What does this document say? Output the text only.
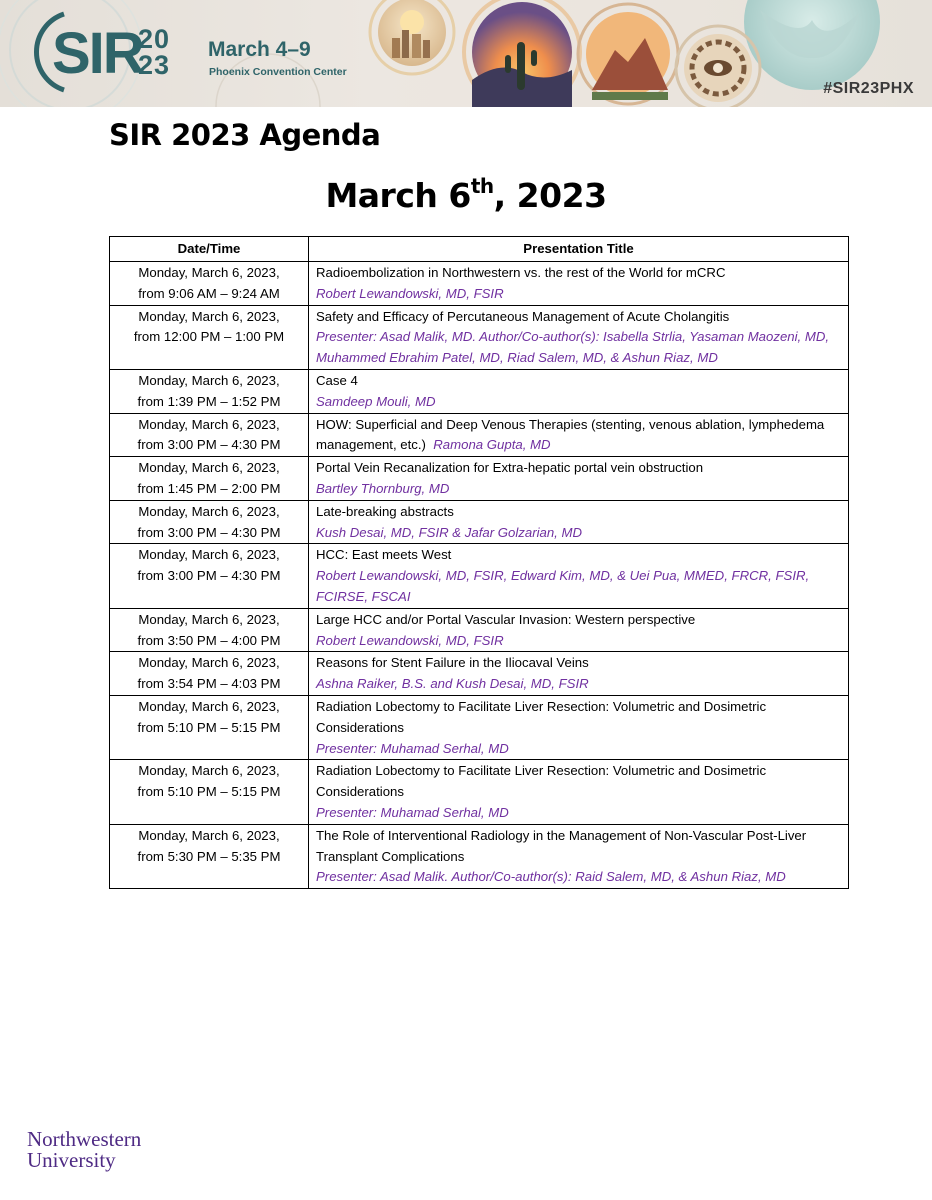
SIR
20
23
March 4–9
Phoenix Convention Center
#SIR23PHX
SIR 2023 Agenda
March 6th, 2023
Date/Time	Presentation Title

Monday, March 6, 2023,
from 9:06 AM – 9:24 AM	Radioembolization in Northwestern vs. the rest of the World for mCRC
Robert Lewandowski, MD, FSIR

Monday, March 6, 2023,
from 12:00 PM – 1:00 PM	Safety and Efficacy of Percutaneous Management of Acute Cholangitis
Presenter: Asad Malik, MD. Author/Co-author(s): Isabella Strlia, Yasaman Maozeni, MD, Muhammed Ebrahim Patel, MD, Riad Salem, MD, & Ashun Riaz, MD

Monday, March 6, 2023,
from 1:39 PM – 1:52 PM	Case 4
Samdeep Mouli, MD

Monday, March 6, 2023,
from 3:00 PM – 4:30 PM	HOW: Superficial and Deep Venous Therapies (stenting, venous ablation, lymphedema management, etc.) Ramona Gupta, MD

Monday, March 6, 2023,
from 1:45 PM – 2:00 PM	Portal Vein Recanalization for Extra-hepatic portal vein obstruction
Bartley Thornburg, MD

Monday, March 6, 2023,
from 3:00 PM – 4:30 PM	Late-breaking abstracts
Kush Desai, MD, FSIR & Jafar Golzarian, MD

Monday, March 6, 2023,
from 3:00 PM – 4:30 PM	HCC: East meets West
Robert Lewandowski, MD, FSIR, Edward Kim, MD, & Uei Pua, MMED, FRCR, FSIR, FCIRSE, FSCAI

Monday, March 6, 2023,
from 3:50 PM – 4:00 PM	Large HCC and/or Portal Vascular Invasion: Western perspective
Robert Lewandowski, MD, FSIR

Monday, March 6, 2023,
from 3:54 PM – 4:03 PM	Reasons for Stent Failure in the Iliocaval Veins
Ashna Raiker, B.S. and Kush Desai, MD, FSIR

Monday, March 6, 2023,
from 5:10 PM – 5:15 PM	Radiation Lobectomy to Facilitate Liver Resection: Volumetric and Dosimetric Considerations
Presenter: Muhamad Serhal, MD

Monday, March 6, 2023,
from 5:10 PM – 5:15 PM	Radiation Lobectomy to Facilitate Liver Resection: Volumetric and Dosimetric Considerations
Presenter: Muhamad Serhal, MD

Monday, March 6, 2023,
from 5:30 PM – 5:35 PM	The Role of Interventional Radiology in the Management of Non-Vascular Post-Liver Transplant Complications
Presenter: Asad Malik. Author/Co-author(s): Raid Salem, MD, & Ashun Riaz, MD
Northwestern
University
